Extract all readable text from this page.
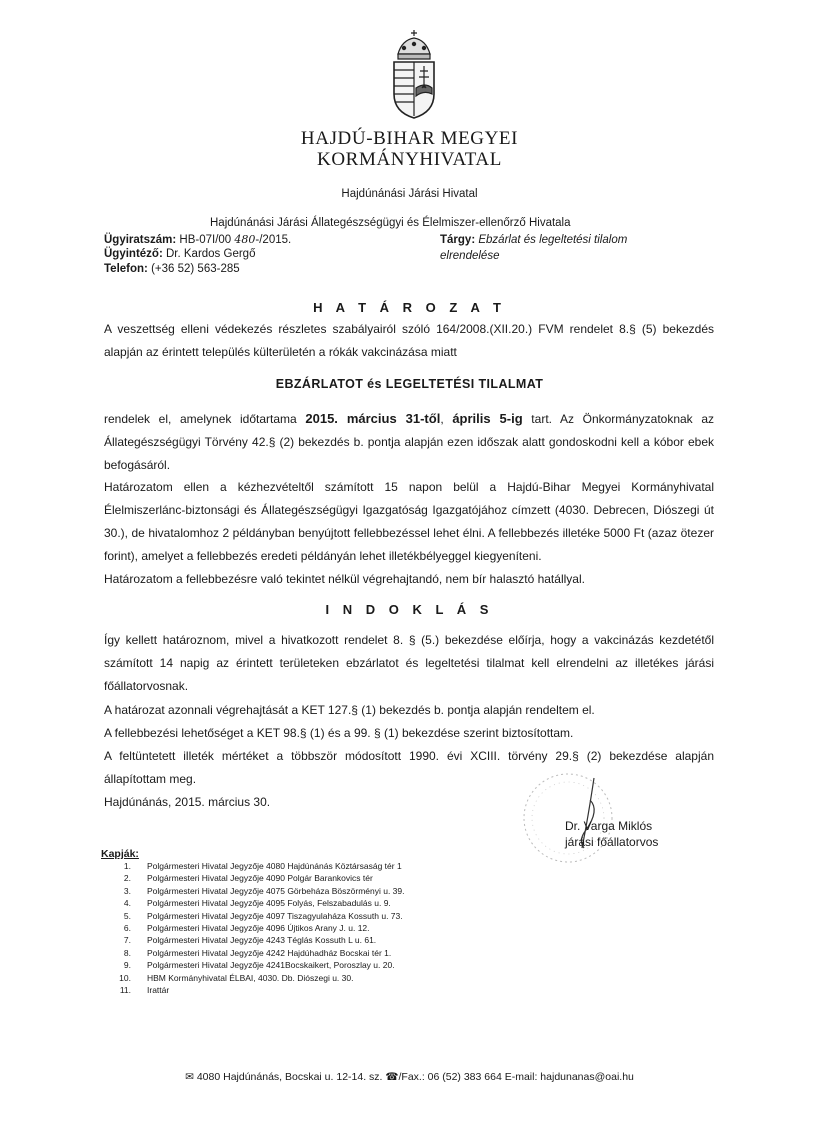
HAJDÚ-BIHAR MEGYEI
KORMÁNYHIVATAL
Hajdúnánási Járási Hivatal
Hajdúnánási Járási Állategészségügyi és Élelmiszer-ellenőrző Hivatala
Ügyiratszám: HB-07I/00 480-/2015.
Ügyintéző: Dr. Kardos Gergő
Telefon: (+36 52) 563-285
Tárgy: Ebzárlat és legeltetési tilalom
elrendelése
H A T Á R O Z A T
A veszettség elleni védekezés részletes szabályairól szóló 164/2008.(XII.20.) FVM rendelet 8.§ (5) bekezdés alapján az érintett település külterületén a rókák vakcinázása miatt
EBZÁRLATOT és LEGELTETÉSI TILALMAT
rendelek el, amelynek időtartama 2015. március 31-től, április 5-ig tart. Az Önkormányzatoknak az Állategészségügyi Törvény 42.§ (2) bekezdés b. pontja alapján ezen időszak alatt gondoskodni kell a kóbor ebek befogásáról.
Határozatom ellen a kézhezvételtől számított 15 napon belül a Hajdú-Bihar Megyei Kormányhivatal Élelmiszerlánc-biztonsági és Állategészségügyi Igazgatóság Igazgatójához címzett (4030. Debrecen, Diószegi út 30.), de hivatalomhoz 2 példányban benyújtott fellebbezéssel lehet élni. A fellebbezés illetéke 5000 Ft (azaz ötezer forint), amelyet a fellebbezés eredeti példányán lehet illetékbélyeggel kiegyeníteni.
Határozatom a fellebbezésre való tekintet nélkül végrehajtandó, nem bír halasztó hatállyal.
I N D O K L Á S
Így kellett határoznom, mivel a hivatkozott rendelet 8. § (5.) bekezdése előírja, hogy a vakcinázás kezdetétől számított 14 napig az érintett területeken ebzárlatot és legeltetési tilalmat kell elrendelni az illetékes járási főállatorvosnak.
A határozat azonnali végrehajtását a KET 127.§ (1) bekezdés b. pontja alapján rendeltem el.
A fellebbezési lehetőséget a KET 98.§ (1) és a 99. § (1) bekezdése szerint biztosítottam.
A feltüntetett illeték mértéket a többször módosított 1990. évi XCIII. törvény 29.§ (2) bekezdése alapján állapítottam meg.
Hajdúnánás, 2015. március 30.
Dr. Varga Miklós
járási főállatorvos
Kapják:
1. Polgármesteri Hivatal Jegyzője 4080 Hajdúnánás Köztársaság tér 1
2. Polgármesteri Hivatal Jegyzője 4090 Polgár Barankovics tér
3. Polgármesteri Hivatal Jegyzője 4075 Görbeháza Böszörményi u. 39.
4. Polgármesteri Hivatal Jegyzője 4095 Folyás, Felszabadulás u. 9.
5. Polgármesteri Hivatal Jegyzője 4097 Tiszagyulaháza Kossuth u. 73.
6. Polgármesteri Hivatal Jegyzője 4096 Újtikos Arany J. u. 12.
7. Polgármesteri Hivatal Jegyzője 4243 Téglás Kossuth L u. 61.
8. Polgármesteri Hivatal Jegyzője 4242 Hajdúhadház Bocskai tér 1.
9. Polgármesteri Hivatal Jegyzője 4241Bocskaikert, Poroszlay u. 20.
10. HBM Kormányhivatal ÉLBAI, 4030. Db. Diószegi u. 30.
11. Irattár
✉ 4080 Hajdúnánás, Bocskai u. 12-14. sz. ☎/Fax.: 06 (52) 383 664 E-mail: hajdunanas@oai.hu
